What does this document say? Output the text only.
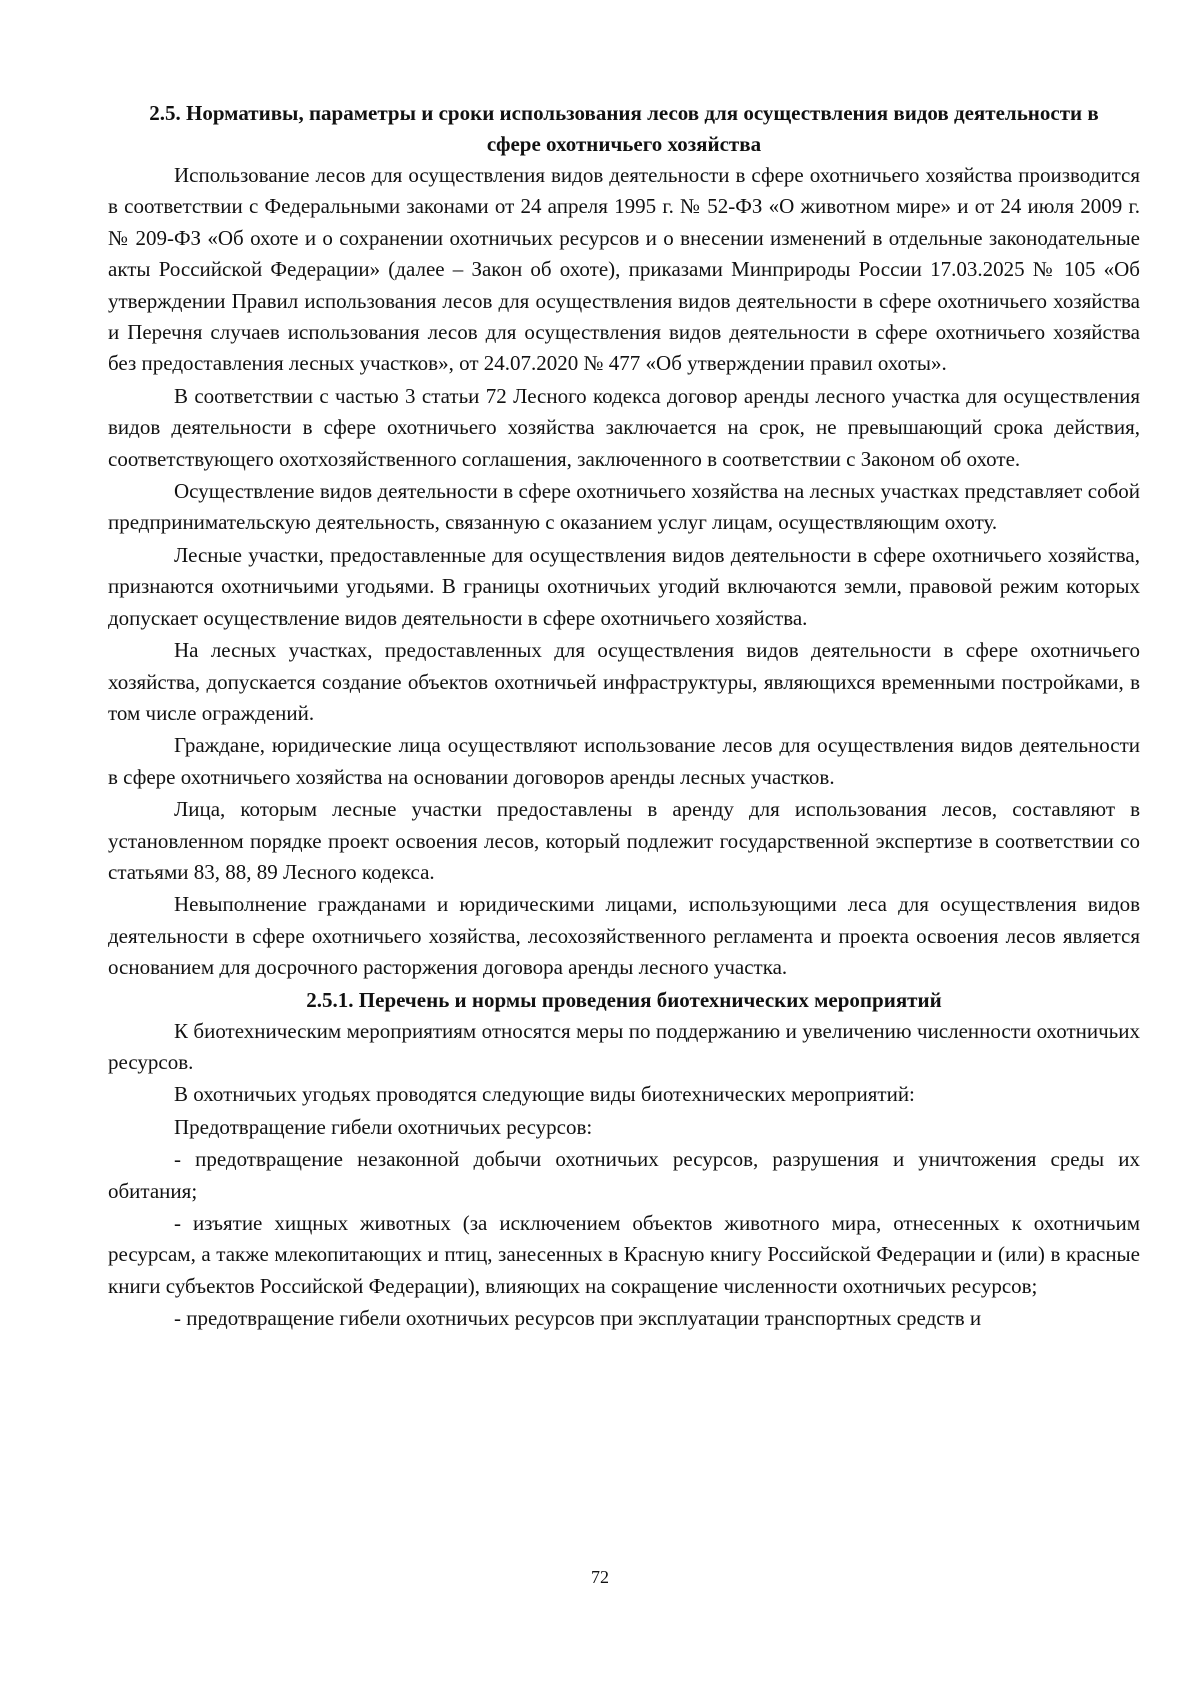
2.5. Нормативы, параметры и сроки использования лесов для осуществления видов деятельности в сфере охотничьего хозяйства

Использование лесов для осуществления видов деятельности в сфере охотничьего хозяйства производится в соответствии с Федеральными законами от 24 апреля 1995 г. № 52-ФЗ «О животном мире» и от 24 июля 2009 г. № 209-ФЗ «Об охоте и о сохранении охотничьих ресурсов и о внесении изменений в отдельные законодательные акты Российской Федерации» (далее – Закон об охоте), приказами Минприроды России 17.03.2025 № 105 «Об утверждении Правил использования лесов для осуществления видов деятельности в сфере охотничьего хозяйства и Перечня случаев использования лесов для осуществления видов деятельности в сфере охотничьего хозяйства без предоставления лесных участков», от 24.07.2020 № 477 «Об утверждении правил охоты».

В соответствии с частью 3 статьи 72 Лесного кодекса договор аренды лесного участка для осуществления видов деятельности в сфере охотничьего хозяйства заключается на срок, не превышающий срока действия, соответствующего охотхозяйственного соглашения, заключенного в соответствии с Законом об охоте.

Осуществление видов деятельности в сфере охотничьего хозяйства на лесных участках представляет собой предпринимательскую деятельность, связанную с оказанием услуг лицам, осуществляющим охоту.

Лесные участки, предоставленные для осуществления видов деятельности в сфере охотничьего хозяйства, признаются охотничьими угодьями. В границы охотничьих угодий включаются земли, правовой режим которых допускает осуществление видов деятельности в сфере охотничьего хозяйства.

На лесных участках, предоставленных для осуществления видов деятельности в сфере охотничьего хозяйства, допускается создание объектов охотничьей инфраструктуры, являющихся временными постройками, в том числе ограждений.

Граждане, юридические лица осуществляют использование лесов для осуществления видов деятельности в сфере охотничьего хозяйства на основании договоров аренды лесных участков.

Лица, которым лесные участки предоставлены в аренду для использования лесов, составляют в установленном порядке проект освоения лесов, который подлежит государственной экспертизе в соответствии со статьями 83, 88, 89 Лесного кодекса.

Невыполнение гражданами и юридическими лицами, использующими леса для осуществления видов деятельности в сфере охотничьего хозяйства, лесохозяйственного регламента и проекта освоения лесов является основанием для досрочного расторжения договора аренды лесного участка.

2.5.1. Перечень и нормы проведения биотехнических мероприятий

К биотехническим мероприятиям относятся меры по поддержанию и увеличению численности охотничьих ресурсов.

В охотничьих угодьях проводятся следующие виды биотехнических мероприятий:

Предотвращение гибели охотничьих ресурсов:

- предотвращение незаконной добычи охотничьих ресурсов, разрушения и уничтожения среды их обитания;

- изъятие хищных животных (за исключением объектов животного мира, отнесенных к охотничьим ресурсам, а также млекопитающих и птиц, занесенных в Красную книгу Российской Федерации и (или) в красные книги субъектов Российской Федерации), влияющих на сокращение численности охотничьих ресурсов;

- предотвращение гибели охотничьих ресурсов при эксплуатации транспортных средств и

72
